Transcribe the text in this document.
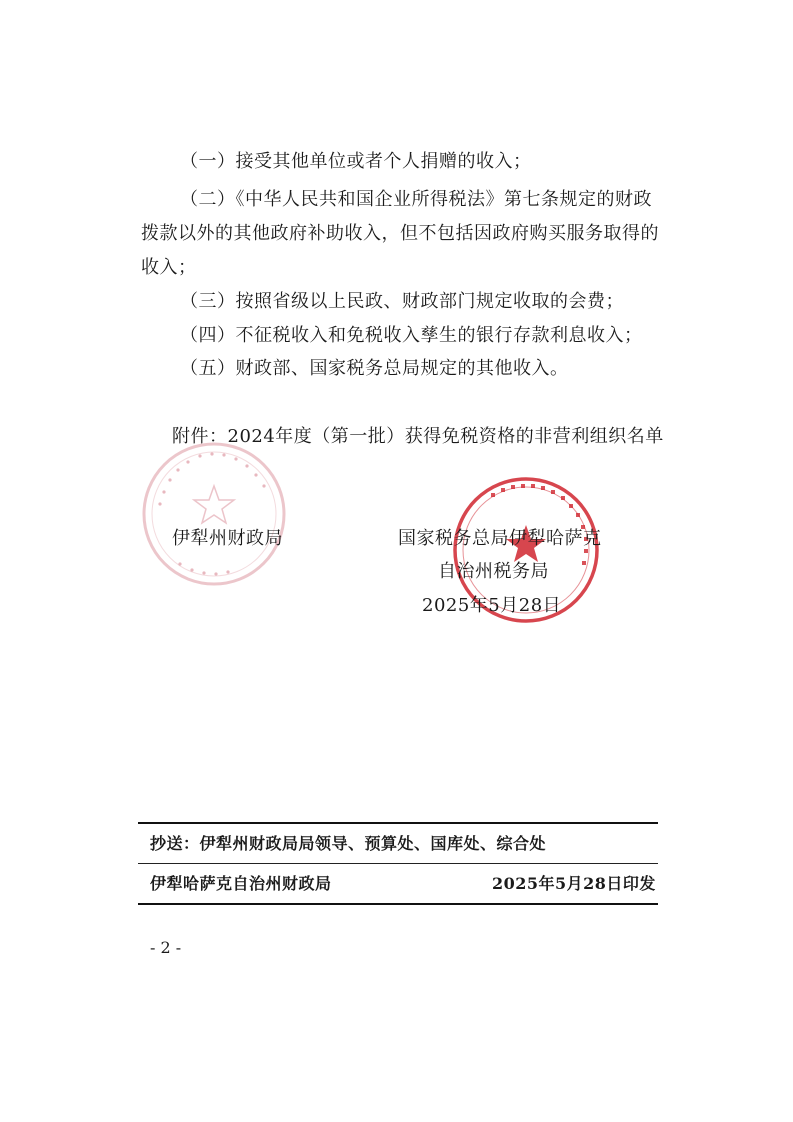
（一）接受其他单位或者个人捐赠的收入；
（二）《中华人民共和国企业所得税法》第七条规定的财政
拨款以外的其他政府补助收入，但不包括因政府购买服务取得的
收入；
（三）按照省级以上民政、财政部门规定收取的会费；
（四）不征税收入和免税收入孳生的银行存款利息收入；
（五）财政部、国家税务总局规定的其他收入。
附件：2024年度（第一批）获得免税资格的非营利组织名单
伊犁州财政局	国家税务总局伊犁哈萨克
自治州税务局
2025年5月28日
抄送：伊犁州财政局局领导、预算处、国库处、综合处
伊犁哈萨克自治州财政局	2025年5月28日印发
- 2 -
